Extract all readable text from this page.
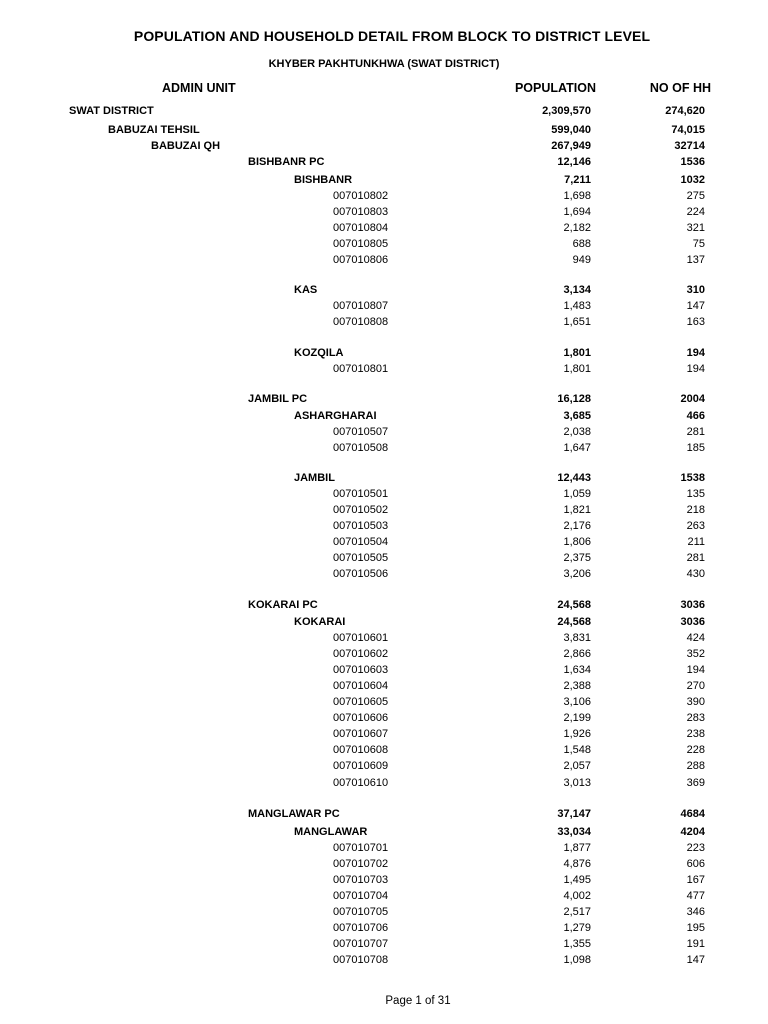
POPULATION AND HOUSEHOLD DETAIL FROM BLOCK TO DISTRICT LEVEL
KHYBER PAKHTUNKHWA (SWAT DISTRICT)
ADMIN UNIT	POPULATION	NO OF HH
SWAT DISTRICT	2,309,570	274,620
BABUZAI TEHSIL	599,040	74,015
BABUZAI QH	267,949	32714
BISHBANR PC	12,146	1536
BISHBANR	7,211	1032
007010802	1,698	275
007010803	1,694	224
007010804	2,182	321
007010805	688	75
007010806	949	137
KAS	3,134	310
007010807	1,483	147
007010808	1,651	163
KOZQILA	1,801	194
007010801	1,801	194
JAMBIL PC	16,128	2004
ASHARGHARAI	3,685	466
007010507	2,038	281
007010508	1,647	185
JAMBIL	12,443	1538
007010501	1,059	135
007010502	1,821	218
007010503	2,176	263
007010504	1,806	211
007010505	2,375	281
007010506	3,206	430
KOKARAI PC	24,568	3036
KOKARAI	24,568	3036
007010601	3,831	424
007010602	2,866	352
007010603	1,634	194
007010604	2,388	270
007010605	3,106	390
007010606	2,199	283
007010607	1,926	238
007010608	1,548	228
007010609	2,057	288
007010610	3,013	369
MANGLAWAR PC	37,147	4684
MANGLAWAR	33,034	4204
007010701	1,877	223
007010702	4,876	606
007010703	1,495	167
007010704	4,002	477
007010705	2,517	346
007010706	1,279	195
007010707	1,355	191
007010708	1,098	147
Page 1 of 31
